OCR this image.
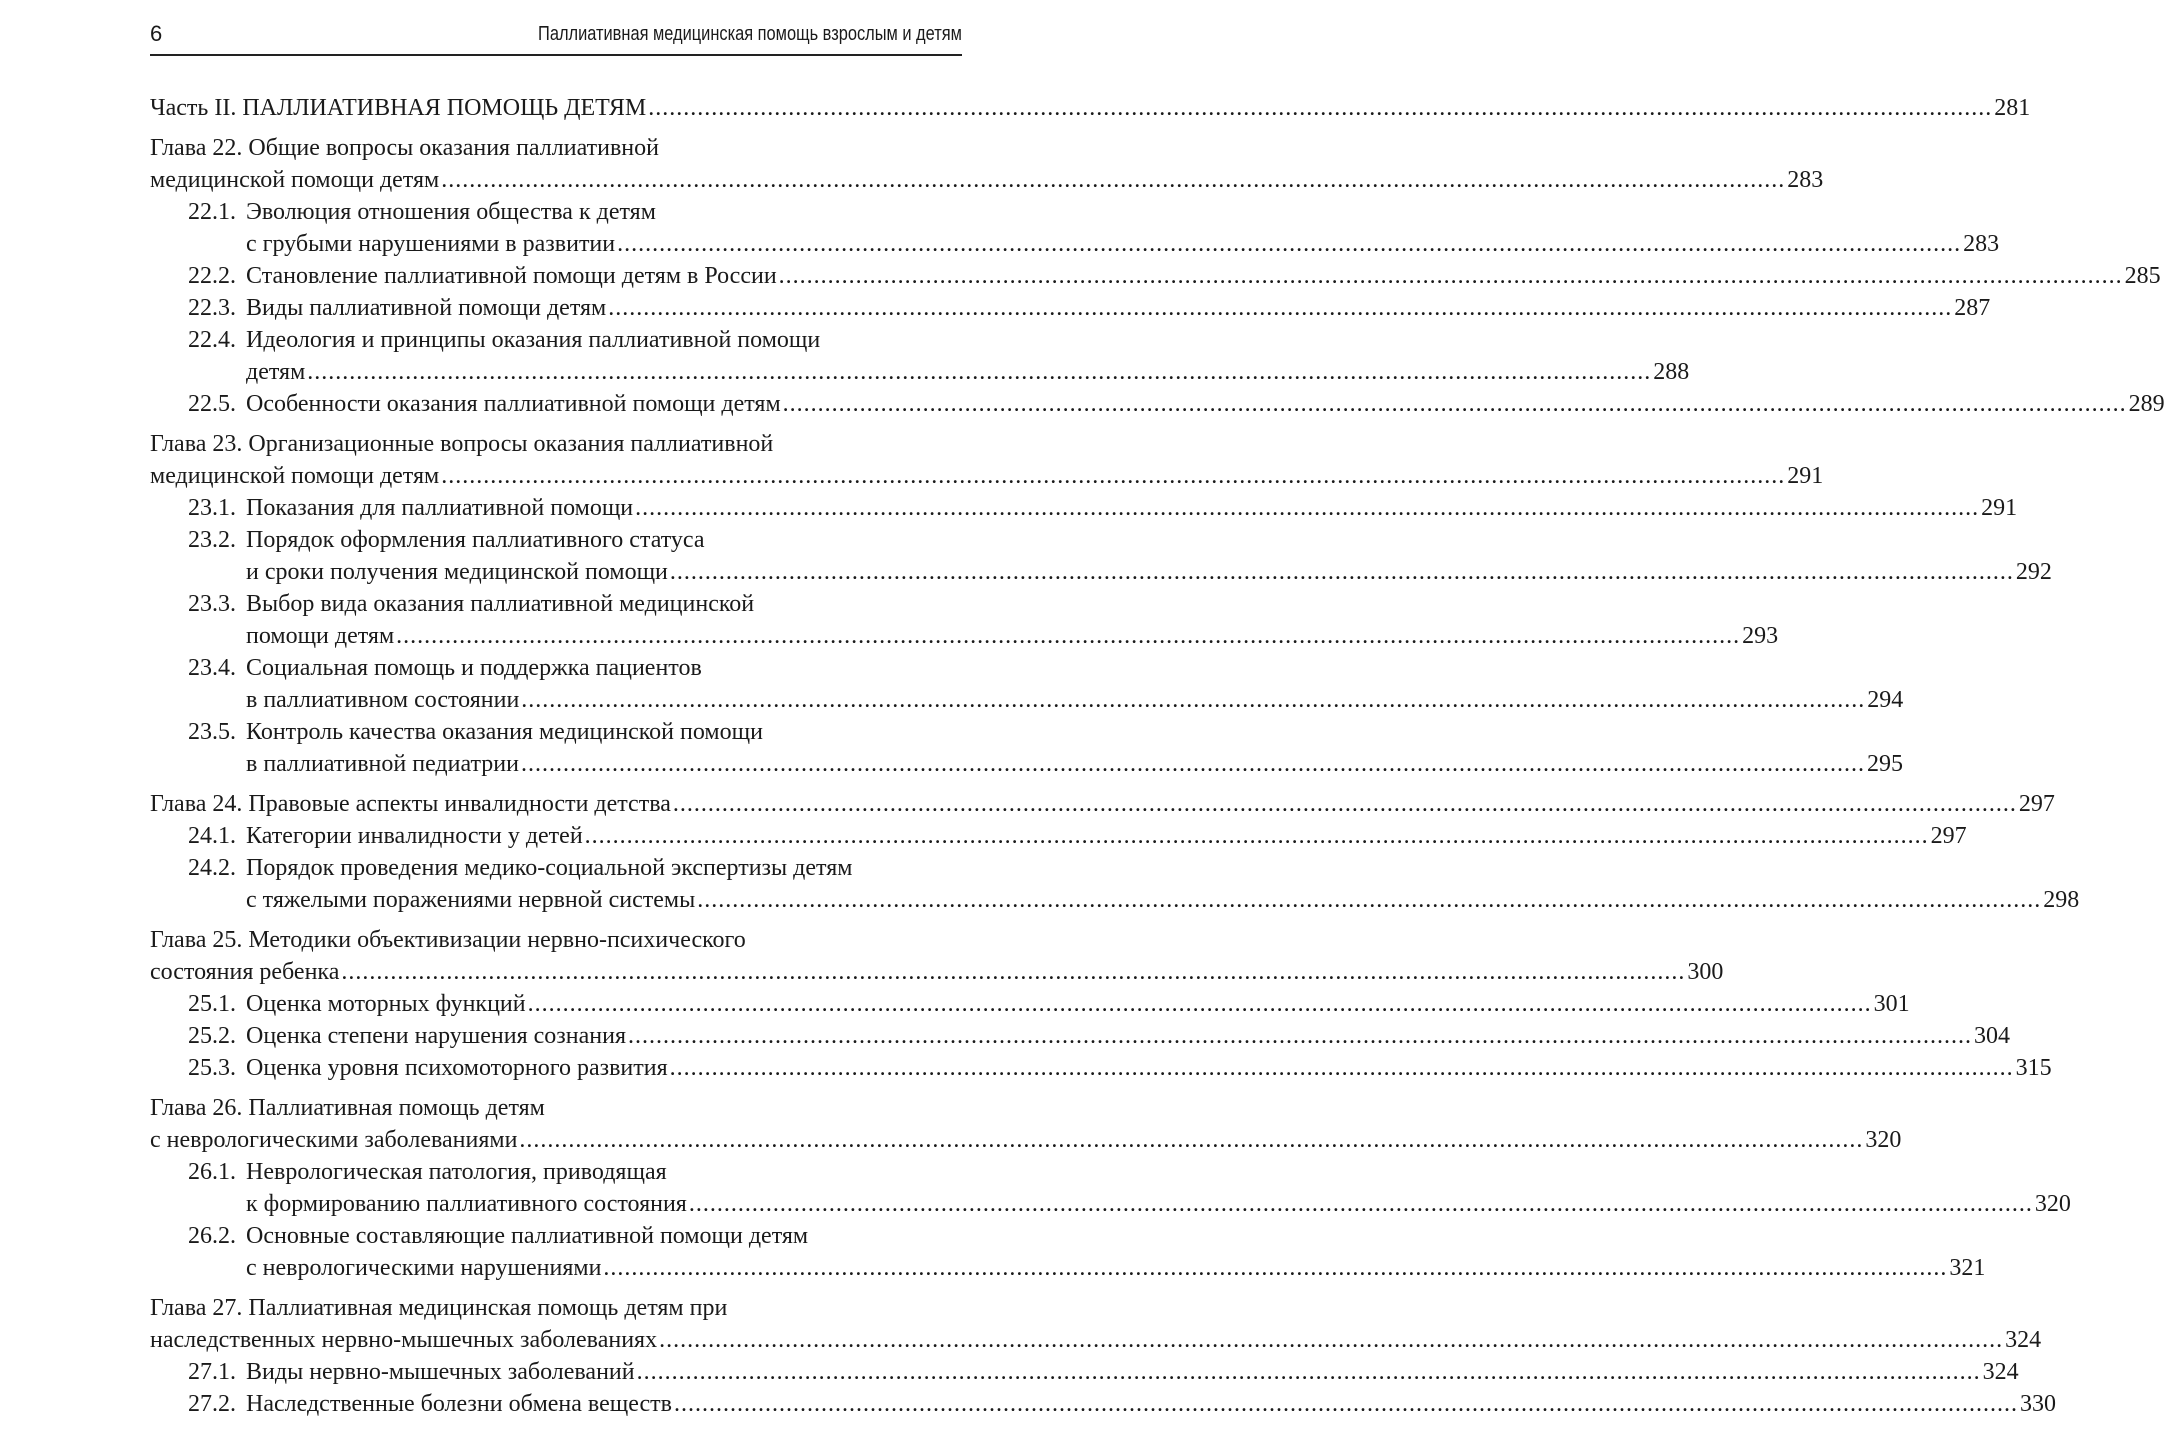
6	Паллиативная медицинская помощь взрослым и детям
Часть II. ПАЛЛИАТИВНАЯ ПОМОЩЬ ДЕТЯМ .....	281
Глава 22. Общие вопросы оказания паллиативной
медицинской помощи детям .....	283
22.1. Эволюция отношения общества к детям
с грубыми нарушениями в развитии .....	283
22.2. Становление паллиативной помощи детям в России .....	285
22.3. Виды паллиативной помощи детям .....	287
22.4. Идеология и принципы оказания паллиативной помощи
детям .....	288
22.5. Особенности оказания паллиативной помощи детям .....	289
Глава 23. Организационные вопросы оказания паллиативной
медицинской помощи детям .....	291
23.1. Показания для паллиативной помощи .....	291
23.2. Порядок оформления паллиативного статуса
и сроки получения медицинской помощи .....	292
23.3. Выбор вида оказания паллиативной медицинской
помощи детям .....	293
23.4. Социальная помощь и поддержка пациентов
в паллиативном состоянии .....	294
23.5. Контроль качества оказания медицинской помощи
в паллиативной педиатрии .....	295
Глава 24. Правовые аспекты инвалидности детства .....	297
24.1. Категории инвалидности у детей .....	297
24.2. Порядок проведения медико-социальной экспертизы детям
с тяжелыми поражениями нервной системы .....	298
Глава 25. Методики объективизации нервно-психического
состояния ребенка .....	300
25.1. Оценка моторных функций .....	301
25.2. Оценка степени нарушения сознания .....	304
25.3. Оценка уровня психомоторного развития .....	315
Глава 26. Паллиативная помощь детям
с неврологическими заболеваниями .....	320
26.1. Неврологическая патология, приводящая
к формированию паллиативного состояния .....	320
26.2. Основные составляющие паллиативной помощи детям
с неврологическими нарушениями .....	321
Глава 27. Паллиативная медицинская помощь детям при
наследственных нервно-мышечных заболеваниях .....	324
27.1. Виды нервно-мышечных заболеваний .....	324
27.2. Наследственные болезни обмена веществ .....	330
